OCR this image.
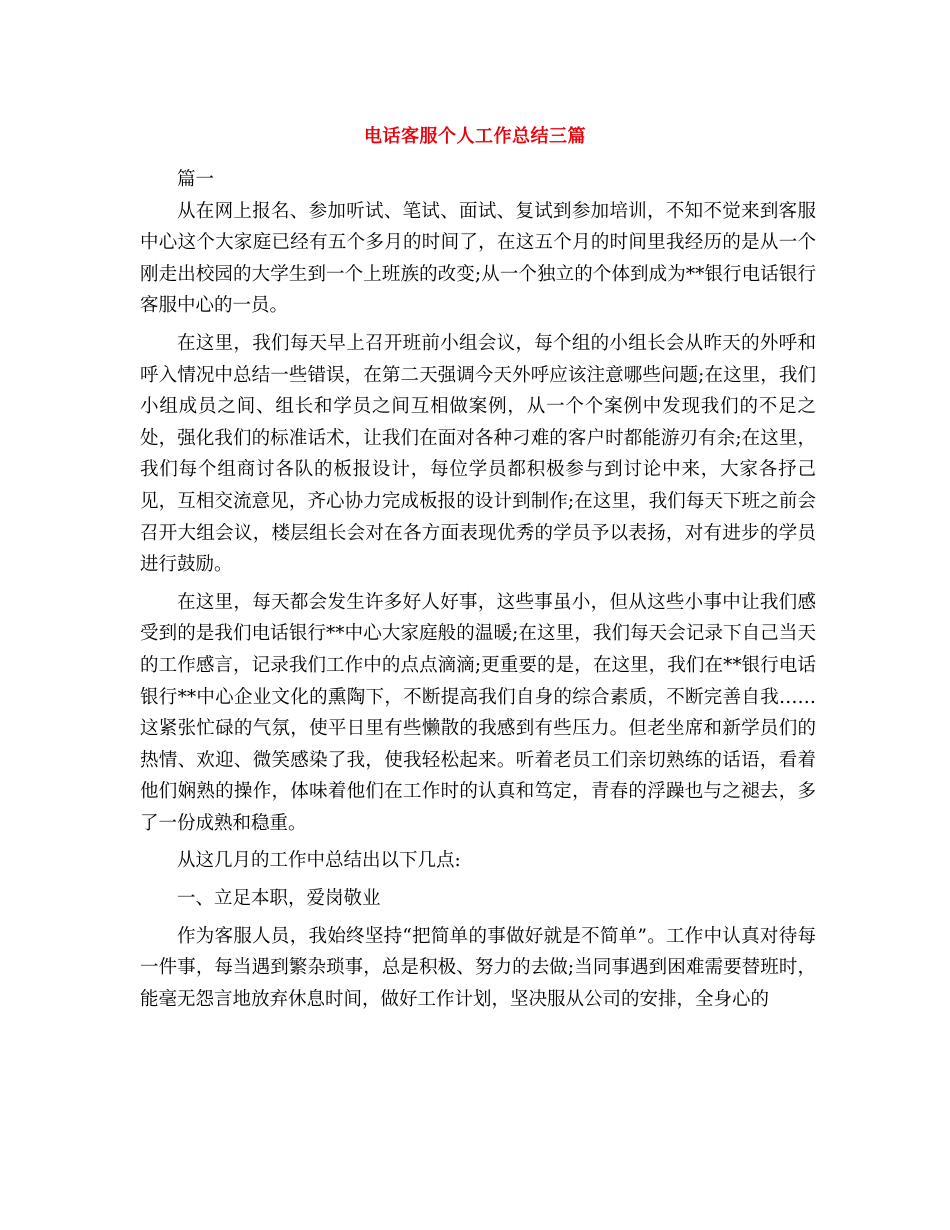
电话客服个人工作总结三篇

篇一

从在网上报名、参加听试、笔试、面试、复试到参加培训，不知不觉来到客服中心这个大家庭已经有五个多月的时间了，在这五个月的时间里我经历的是从一个刚走出校园的大学生到一个上班族的改变;从一个独立的个体到成为**银行电话银行客服中心的一员。

在这里，我们每天早上召开班前小组会议，每个组的小组长会从昨天的外呼和呼入情况中总结一些错误，在第二天强调今天外呼应该注意哪些问题;在这里，我们小组成员之间、组长和学员之间互相做案例，从一个个案例中发现我们的不足之处，强化我们的标准话术，让我们在面对各种刁难的客户时都能游刃有余;在这里，我们每个组商讨各队的板报设计，每位学员都积极参与到讨论中来，大家各抒己见，互相交流意见，齐心协力完成板报的设计到制作;在这里，我们每天下班之前会召开大组会议，楼层组长会对在各方面表现优秀的学员予以表扬，对有进步的学员进行鼓励。

在这里，每天都会发生许多好人好事，这些事虽小，但从这些小事中让我们感受到的是我们电话银行**中心大家庭般的温暖;在这里，我们每天会记录下自己当天的工作感言，记录我们工作中的点点滴滴;更重要的是，在这里，我们在**银行电话银行**中心企业文化的熏陶下，不断提高我们自身的综合素质，不断完善自我……这紧张忙碌的气氛，使平日里有些懒散的我感到有些压力。但老坐席和新学员们的热情、欢迎、微笑感染了我，使我轻松起来。听着老员工们亲切熟练的话语，看着他们娴熟的操作，体味着他们在工作时的认真和笃定，青春的浮躁也与之褪去，多了一份成熟和稳重。

从这几月的工作中总结出以下几点:

一、立足本职，爱岗敬业

作为客服人员，我始终坚持“把简单的事做好就是不简单”。工作中认真对待每一件事，每当遇到繁杂琐事，总是积极、努力的去做;当同事遇到困难需要替班时，能毫无怨言地放弃休息时间，做好工作计划，坚决服从公司的安排，全身心的
